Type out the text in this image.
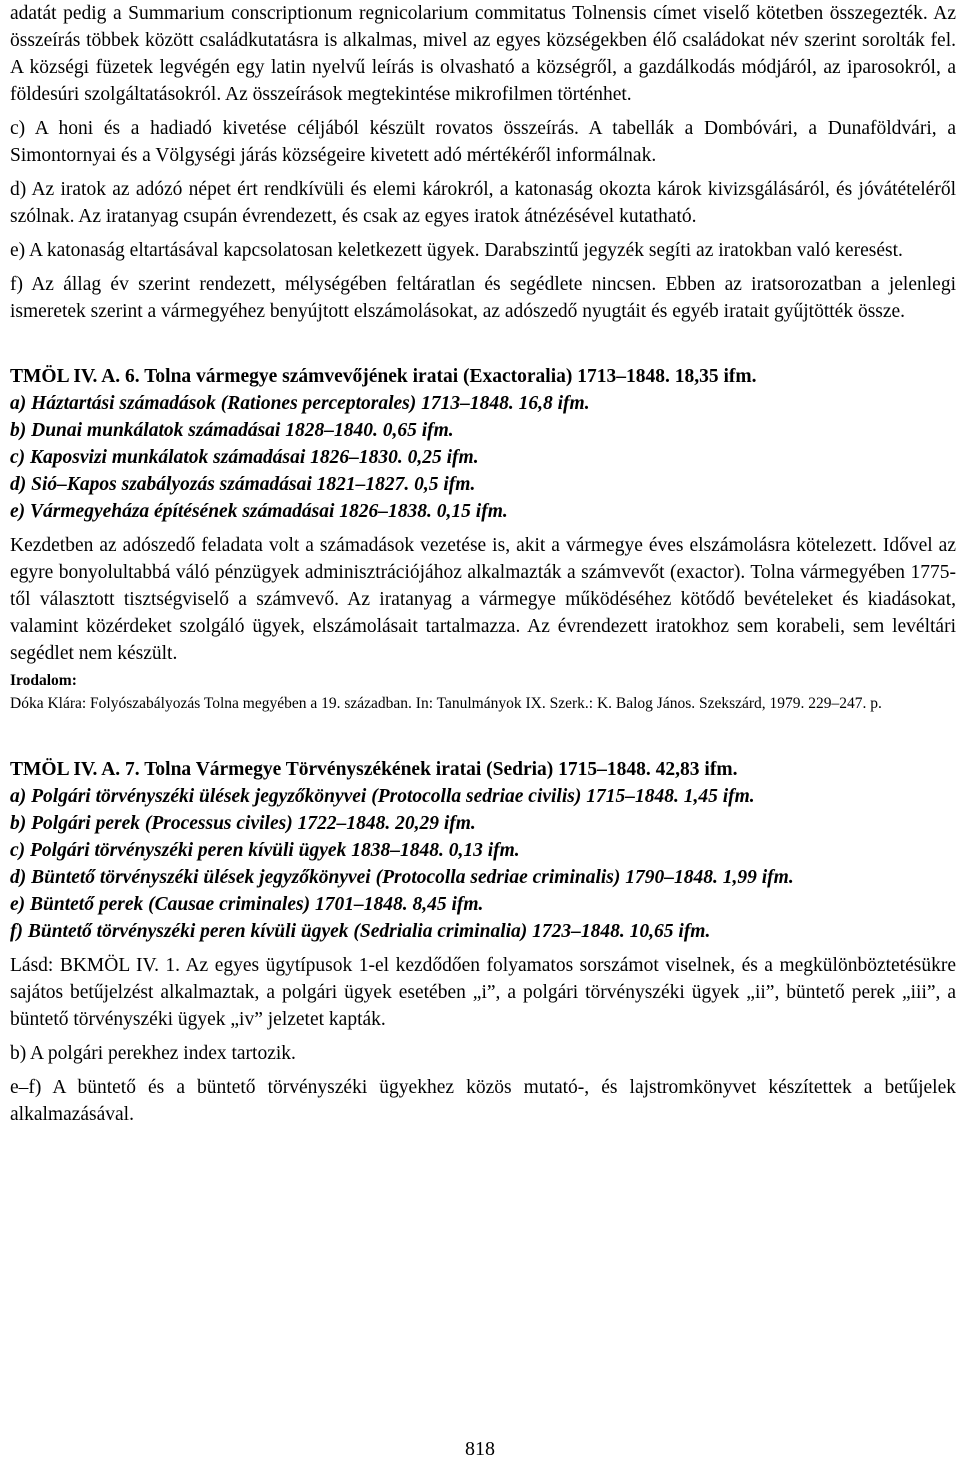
adatát pedig a Summarium conscriptionum regnicolarium commitatus Tolnensis címet viselő kötetben összegezték. Az összeírás többek között családkutatásra is alkalmas, mivel az egyes községekben élő családokat név szerint sorolták fel. A községi füzetek legvégén egy latin nyelvű leírás is olvasható a községről, a gazdálkodás módjáról, az iparosokról, a földesúri szolgáltatásokról. Az összeírások megtekintése mikrofilmen történhet.

c) A honi és a hadiadó kivetése céljából készült rovatos összeírás. A tabellák a Dombóvári, a Dunaföldvári, a Simontornyai és a Völgységi járás községeire kivetett adó mértékéről informálnak.

d) Az iratok az adózó népet ért rendkívüli és elemi károkról, a katonaság okozta károk kivizsgálásáról, és jóvátételéről szólnak. Az iratanyag csupán évrendezett, és csak az egyes iratok átnézésével kutatható.

e) A katonaság eltartásával kapcsolatosan keletkezett ügyek. Darabszintű jegyzék segíti az iratokban való keresést.

f) Az állag év szerint rendezett, mélységében feltáratlan és segédlete nincsen. Ebben az iratsorozatban a jelenlegi ismeretek szerint a vármegyéhez benyújtott elszámolásokat, az adószedő nyugtáit és egyéb iratait gyűjtötték össze.

TMÖL IV. A. 6. Tolna vármegye számvevőjének iratai (Exactoralia) 1713–1848. 18,35 ifm.

a) Háztartási számadások (Rationes perceptorales) 1713–1848. 16,8 ifm.

b) Dunai munkálatok számadásai 1828–1840. 0,65 ifm.

c) Kaposvizi munkálatok számadásai 1826–1830. 0,25 ifm.

d) Sió–Kapos szabályozás számadásai 1821–1827. 0,5 ifm.

e) Vármegyeháza építésének számadásai 1826–1838. 0,15 ifm.

Kezdetben az adószedő feladata volt a számadások vezetése is, akit a vármegye éves elszámolásra kötelezett. Idővel az egyre bonyolultabbá váló pénzügyek adminisztrációjához alkalmazták a számvevőt (exactor). Tolna vármegyében 1775-től választott tisztségviselő a számvevő. Az iratanyag a vármegye működéséhez kötődő bevételeket és kiadásokat, valamint közérdeket szolgáló ügyek, elszámolásait tartalmazza. Az évrendezett iratokhoz sem korabeli, sem levéltári segédlet nem készült.

Irodalom:

Dóka Klára: Folyószabályozás Tolna megyében a 19. században. In: Tanulmányok IX. Szerk.: K. Balog János. Szekszárd, 1979. 229–247. p.

TMÖL IV. A. 7. Tolna Vármegye Törvényszékének iratai (Sedria) 1715–1848. 42,83 ifm.

a) Polgári törvényszéki ülések jegyzőkönyvei (Protocolla sedriae civilis) 1715–1848. 1,45 ifm.

b) Polgári perek (Processus civiles) 1722–1848. 20,29 ifm.

c) Polgári törvényszéki peren kívüli ügyek 1838–1848. 0,13 ifm.

d) Büntető törvényszéki ülések jegyzőkönyvei (Protocolla sedriae criminalis) 1790–1848. 1,99 ifm.

e) Büntető perek (Causae criminales) 1701–1848. 8,45 ifm.

f) Büntető törvényszéki peren kívüli ügyek (Sedrialia criminalia) 1723–1848. 10,65 ifm.

Lásd: BKMÖL IV. 1. Az egyes ügytípusok 1-el kezdődően folyamatos sorszámot viselnek, és a megkülönböztetésükre sajátos betűjelzést alkalmaztak, a polgári ügyek esetében „i”, a polgári törvényszéki ügyek „ii”, büntető perek „iii”, a büntető törvényszéki ügyek „iv” jelzetet kapták.

b) A polgári perekhez index tartozik.

e–f) A büntető és a büntető törvényszéki ügyekhez közös mutató-, és lajstromkönyvet készítettek a betűjelek alkalmazásával.

818
